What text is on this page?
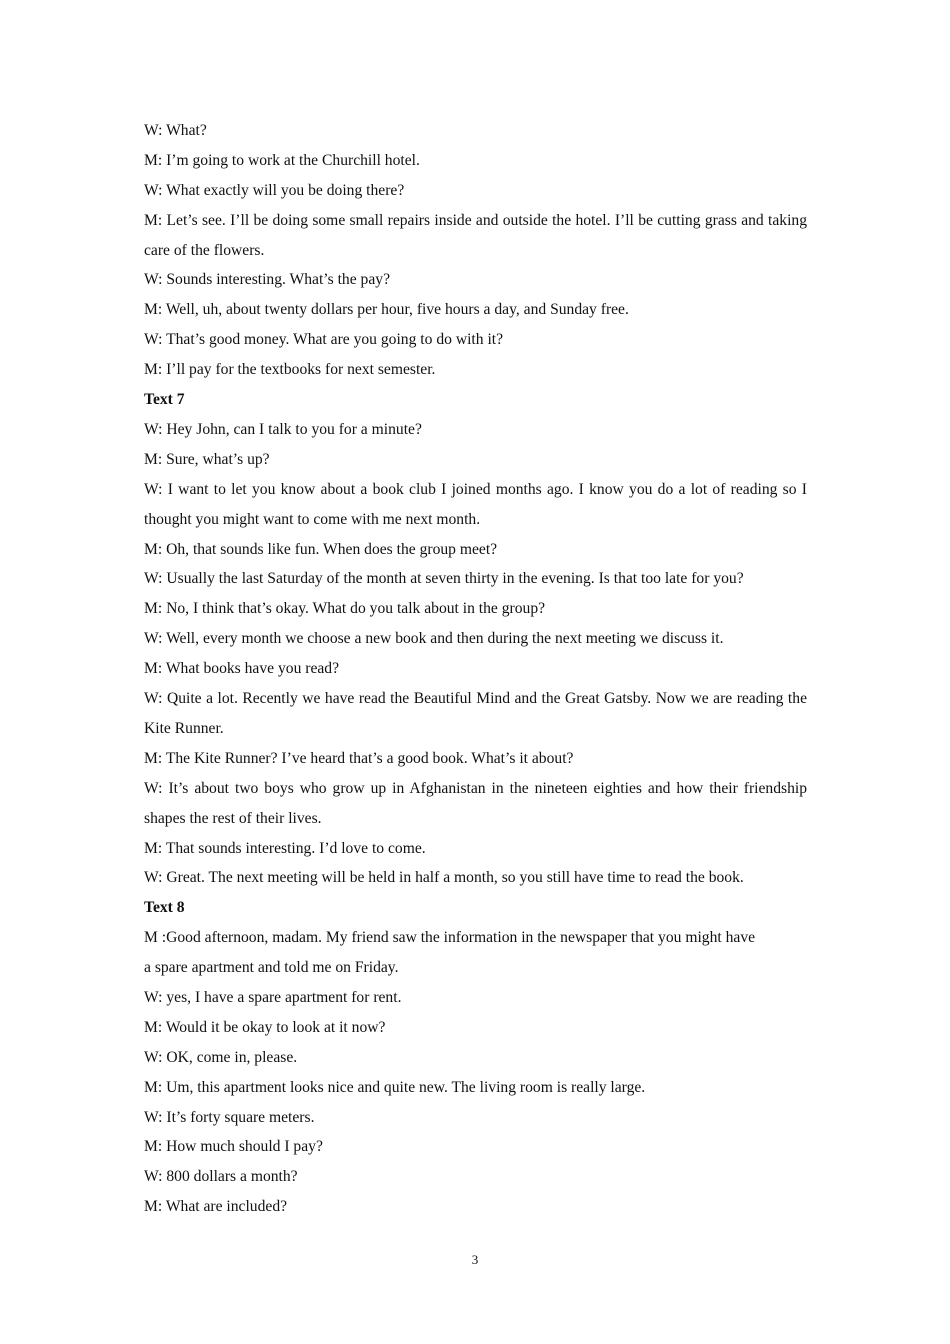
W: What?
M: I’m going to work at the Churchill hotel.
W: What exactly will you be doing there?
M: Let’s see. I’ll be doing some small repairs inside and outside the hotel. I’ll be cutting grass and taking care of the flowers.
W: Sounds interesting. What’s the pay?
M: Well, uh, about twenty dollars per hour, five hours a day, and Sunday free.
W: That’s good money. What are you going to do with it?
M: I’ll pay for the textbooks for next semester.
Text 7
W: Hey John, can I talk to you for a minute?
M: Sure, what’s up?
W: I want to let you know about a book club I joined months ago. I know you do a lot of reading so I thought you might want to come with me next month.
M: Oh, that sounds like fun. When does the group meet?
W: Usually the last Saturday of the month at seven thirty in the evening. Is that too late for you?
M: No, I think that’s okay. What do you talk about in the group?
W: Well, every month we choose a new book and then during the next meeting we discuss it.
M: What books have you read?
W: Quite a lot. Recently we have read the Beautiful Mind and the Great Gatsby. Now we are reading the Kite Runner.
M: The Kite Runner? I’ve heard that’s a good book. What’s it about?
W: It’s about two boys who grow up in Afghanistan in the nineteen eighties and how their friendship shapes the rest of their lives.
M: That sounds interesting. I’d love to come.
W: Great. The next meeting will be held in half a month, so you still have time to read the book.
Text 8
M :Good afternoon, madam. My friend saw the information in the newspaper that you might have
a spare apartment and told me on Friday.
W: yes, I have a spare apartment for rent.
M: Would it be okay to look at it now?
W: OK, come in, please.
M: Um, this apartment looks nice and quite new. The living room is really large.
W: It’s forty square meters.
M: How much should I pay?
W: 800 dollars a month?
M: What are included?
3
